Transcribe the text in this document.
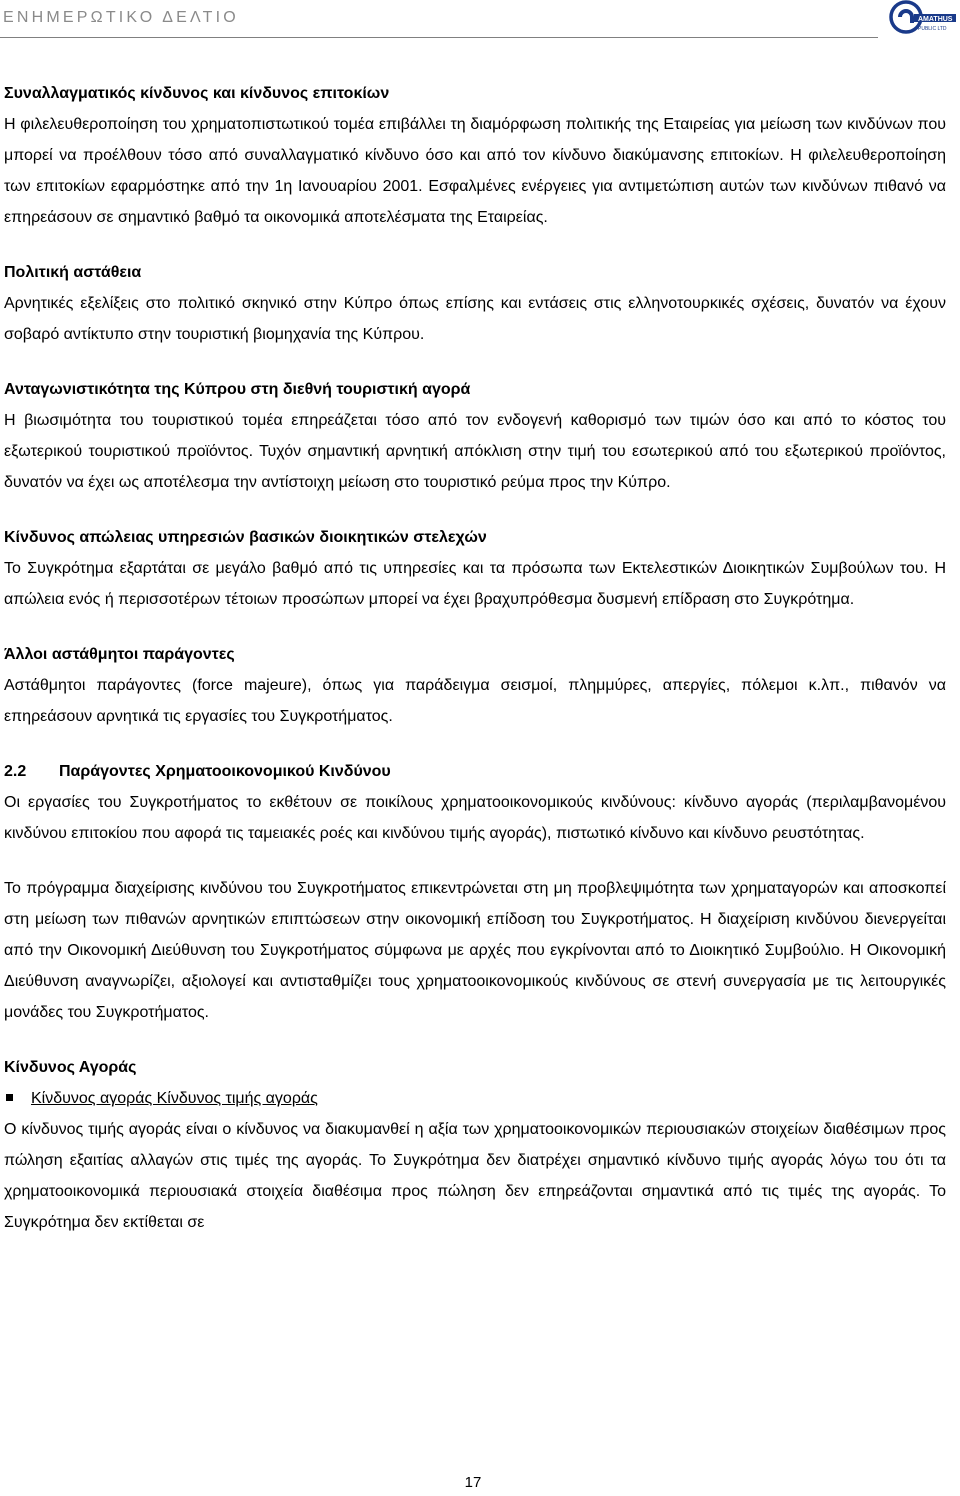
ΕΝΗΜΕΡΩΤΙΚΟ ΔΕΛΤΙΟ	AMATHUS
PUBLIC LTD

Συναλλαγματικός κίνδυνος και κίνδυνος επιτοκίων

Η φιλελευθεροποίηση του χρηματοπιστωτικού τομέα επιβάλλει τη διαμόρφωση πολιτικής της Εταιρείας για μείωση των κινδύνων που μπορεί να προέλθουν τόσο από συναλλαγματικό κίνδυνο όσο και από τον κίνδυνο διακύμανσης επιτοκίων. Η φιλελευθεροποίηση των επιτοκίων εφαρμόστηκε από την 1η Ιανουαρίου 2001. Εσφαλμένες ενέργειες για αντιμετώπιση αυτών των κινδύνων πιθανό να επηρεάσουν σε σημαντικό βαθμό τα οικονομικά αποτελέσματα της Εταιρείας.

Πολιτική αστάθεια

Αρνητικές εξελίξεις στο πολιτικό σκηνικό στην Κύπρο όπως επίσης και εντάσεις στις ελληνοτουρκικές σχέσεις, δυνατόν να έχουν σοβαρό αντίκτυπο στην τουριστική βιομηχανία της Κύπρου.

Ανταγωνιστικότητα της Κύπρου στη διεθνή τουριστική αγορά

Η βιωσιμότητα του τουριστικού τομέα επηρεάζεται τόσο από τον ενδογενή καθορισμό των τιμών όσο και από το κόστος του εξωτερικού τουριστικού προϊόντος. Τυχόν σημαντική αρνητική απόκλιση στην τιμή του εσωτερικού από του εξωτερικού προϊόντος, δυνατόν να έχει ως αποτέλεσμα την αντίστοιχη μείωση στο τουριστικό ρεύμα προς την Κύπρο.

Κίνδυνος απώλειας υπηρεσιών βασικών διοικητικών στελεχών

Το Συγκρότημα εξαρτάται σε μεγάλο βαθμό από τις υπηρεσίες και τα πρόσωπα των Εκτελεστικών Διοικητικών Συμβούλων του. Η απώλεια ενός ή περισσοτέρων τέτοιων προσώπων μπορεί να έχει βραχυπρόθεσμα δυσμενή επίδραση στο Συγκρότημα.

Άλλοι αστάθμητοι παράγοντες

Αστάθμητοι παράγοντες (force majeure), όπως για παράδειγμα σεισμοί, πλημμύρες, απεργίες, πόλεμοι κ.λπ., πιθανόν να επηρεάσουν αρνητικά τις εργασίες του Συγκροτήματος.

2.2 Παράγοντες Χρηματοοικονομικού Κινδύνου

Οι εργασίες του Συγκροτήματος το εκθέτουν σε ποικίλους χρηματοοικονομικούς κινδύνους: κίνδυνο αγοράς (περιλαμβανομένου κινδύνου επιτοκίου που αφορά τις ταμειακές ροές και κινδύνου τιμής αγοράς), πιστωτικό κίνδυνο και κίνδυνο ρευστότητας.

Το πρόγραμμα διαχείρισης κινδύνου του Συγκροτήματος επικεντρώνεται στη μη προβλεψιμότητα των χρηματαγορών και αποσκοπεί στη μείωση των πιθανών αρνητικών επιπτώσεων στην οικονομική επίδοση του Συγκροτήματος. Η διαχείριση κινδύνου διενεργείται από την Οικονομική Διεύθυνση του Συγκροτήματος σύμφωνα με αρχές που εγκρίνονται από το Διοικητικό Συμβούλιο. Η Οικονομική Διεύθυνση αναγνωρίζει, αξιολογεί και αντισταθμίζει τους χρηματοοικονομικούς κινδύνους σε στενή συνεργασία με τις λειτουργικές μονάδες του Συγκροτήματος.

Κίνδυνος Αγοράς

Κίνδυνος αγοράς Κίνδυνος τιμής αγοράς

Ο κίνδυνος τιμής αγοράς είναι ο κίνδυνος να διακυμανθεί η αξία των χρηματοοικονομικών περιουσιακών στοιχείων διαθέσιμων προς πώληση εξαιτίας αλλαγών στις τιμές της αγοράς. Το Συγκρότημα δεν διατρέχει σημαντικό κίνδυνο τιμής αγοράς λόγω του ότι τα χρηματοοικονομικά περιουσιακά στοιχεία διαθέσιμα προς πώληση δεν επηρεάζονται σημαντικά από τις τιμές της αγοράς. Το Συγκρότημα δεν εκτίθεται σε

17
